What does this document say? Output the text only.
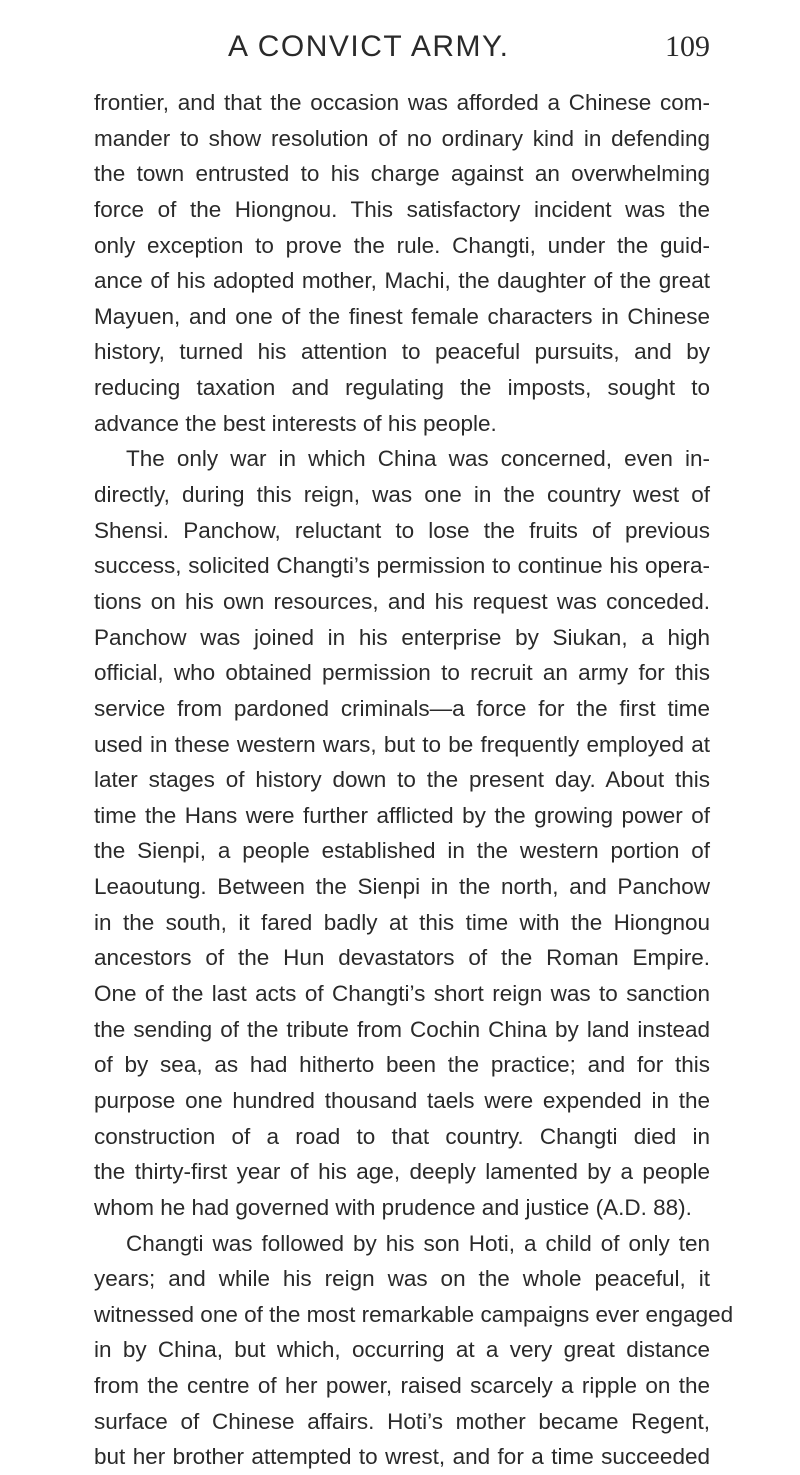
A CONVICT ARMY.	109
frontier, and that the occasion was afforded a Chinese com-
mander to show resolution of no ordinary kind in defending
the town entrusted to his charge against an overwhelming
force of the Hiongnou. This satisfactory incident was the
only exception to prove the rule. Changti, under the guid-
ance of his adopted mother, Machi, the daughter of the great
Mayuen, and one of the finest female characters in Chinese
history, turned his attention to peaceful pursuits, and by
reducing taxation and regulating the imposts, sought to
advance the best interests of his people.
The only war in which China was concerned, even in-
directly, during this reign, was one in the country west of
Shensi. Panchow, reluctant to lose the fruits of previous
success, solicited Changti’s permission to continue his opera-
tions on his own resources, and his request was conceded.
Panchow was joined in his enterprise by Siukan, a high
official, who obtained permission to recruit an army for this
service from pardoned criminals—a force for the first time
used in these western wars, but to be frequently employed at
later stages of history down to the present day. About this
time the Hans were further afflicted by the growing power of
the Sienpi, a people established in the western portion of
Leaoutung. Between the Sienpi in the north, and Panchow
in the south, it fared badly at this time with the Hiongnou
ancestors of the Hun devastators of the Roman Empire.
One of the last acts of Changti’s short reign was to sanction
the sending of the tribute from Cochin China by land instead
of by sea, as had hitherto been the practice; and for this
purpose one hundred thousand taels were expended in the
construction of a road to that country. Changti died in
the thirty-first year of his age, deeply lamented by a people
whom he had governed with prudence and justice (A.D. 88).
Changti was followed by his son Hoti, a child of only ten
years; and while his reign was on the whole peaceful, it
witnessed one of the most remarkable campaigns ever engaged
in by China, but which, occurring at a very great distance
from the centre of her power, raised scarcely a ripple on the
surface of Chinese affairs. Hoti’s mother became Regent,
but her brother attempted to wrest, and for a time succeeded
